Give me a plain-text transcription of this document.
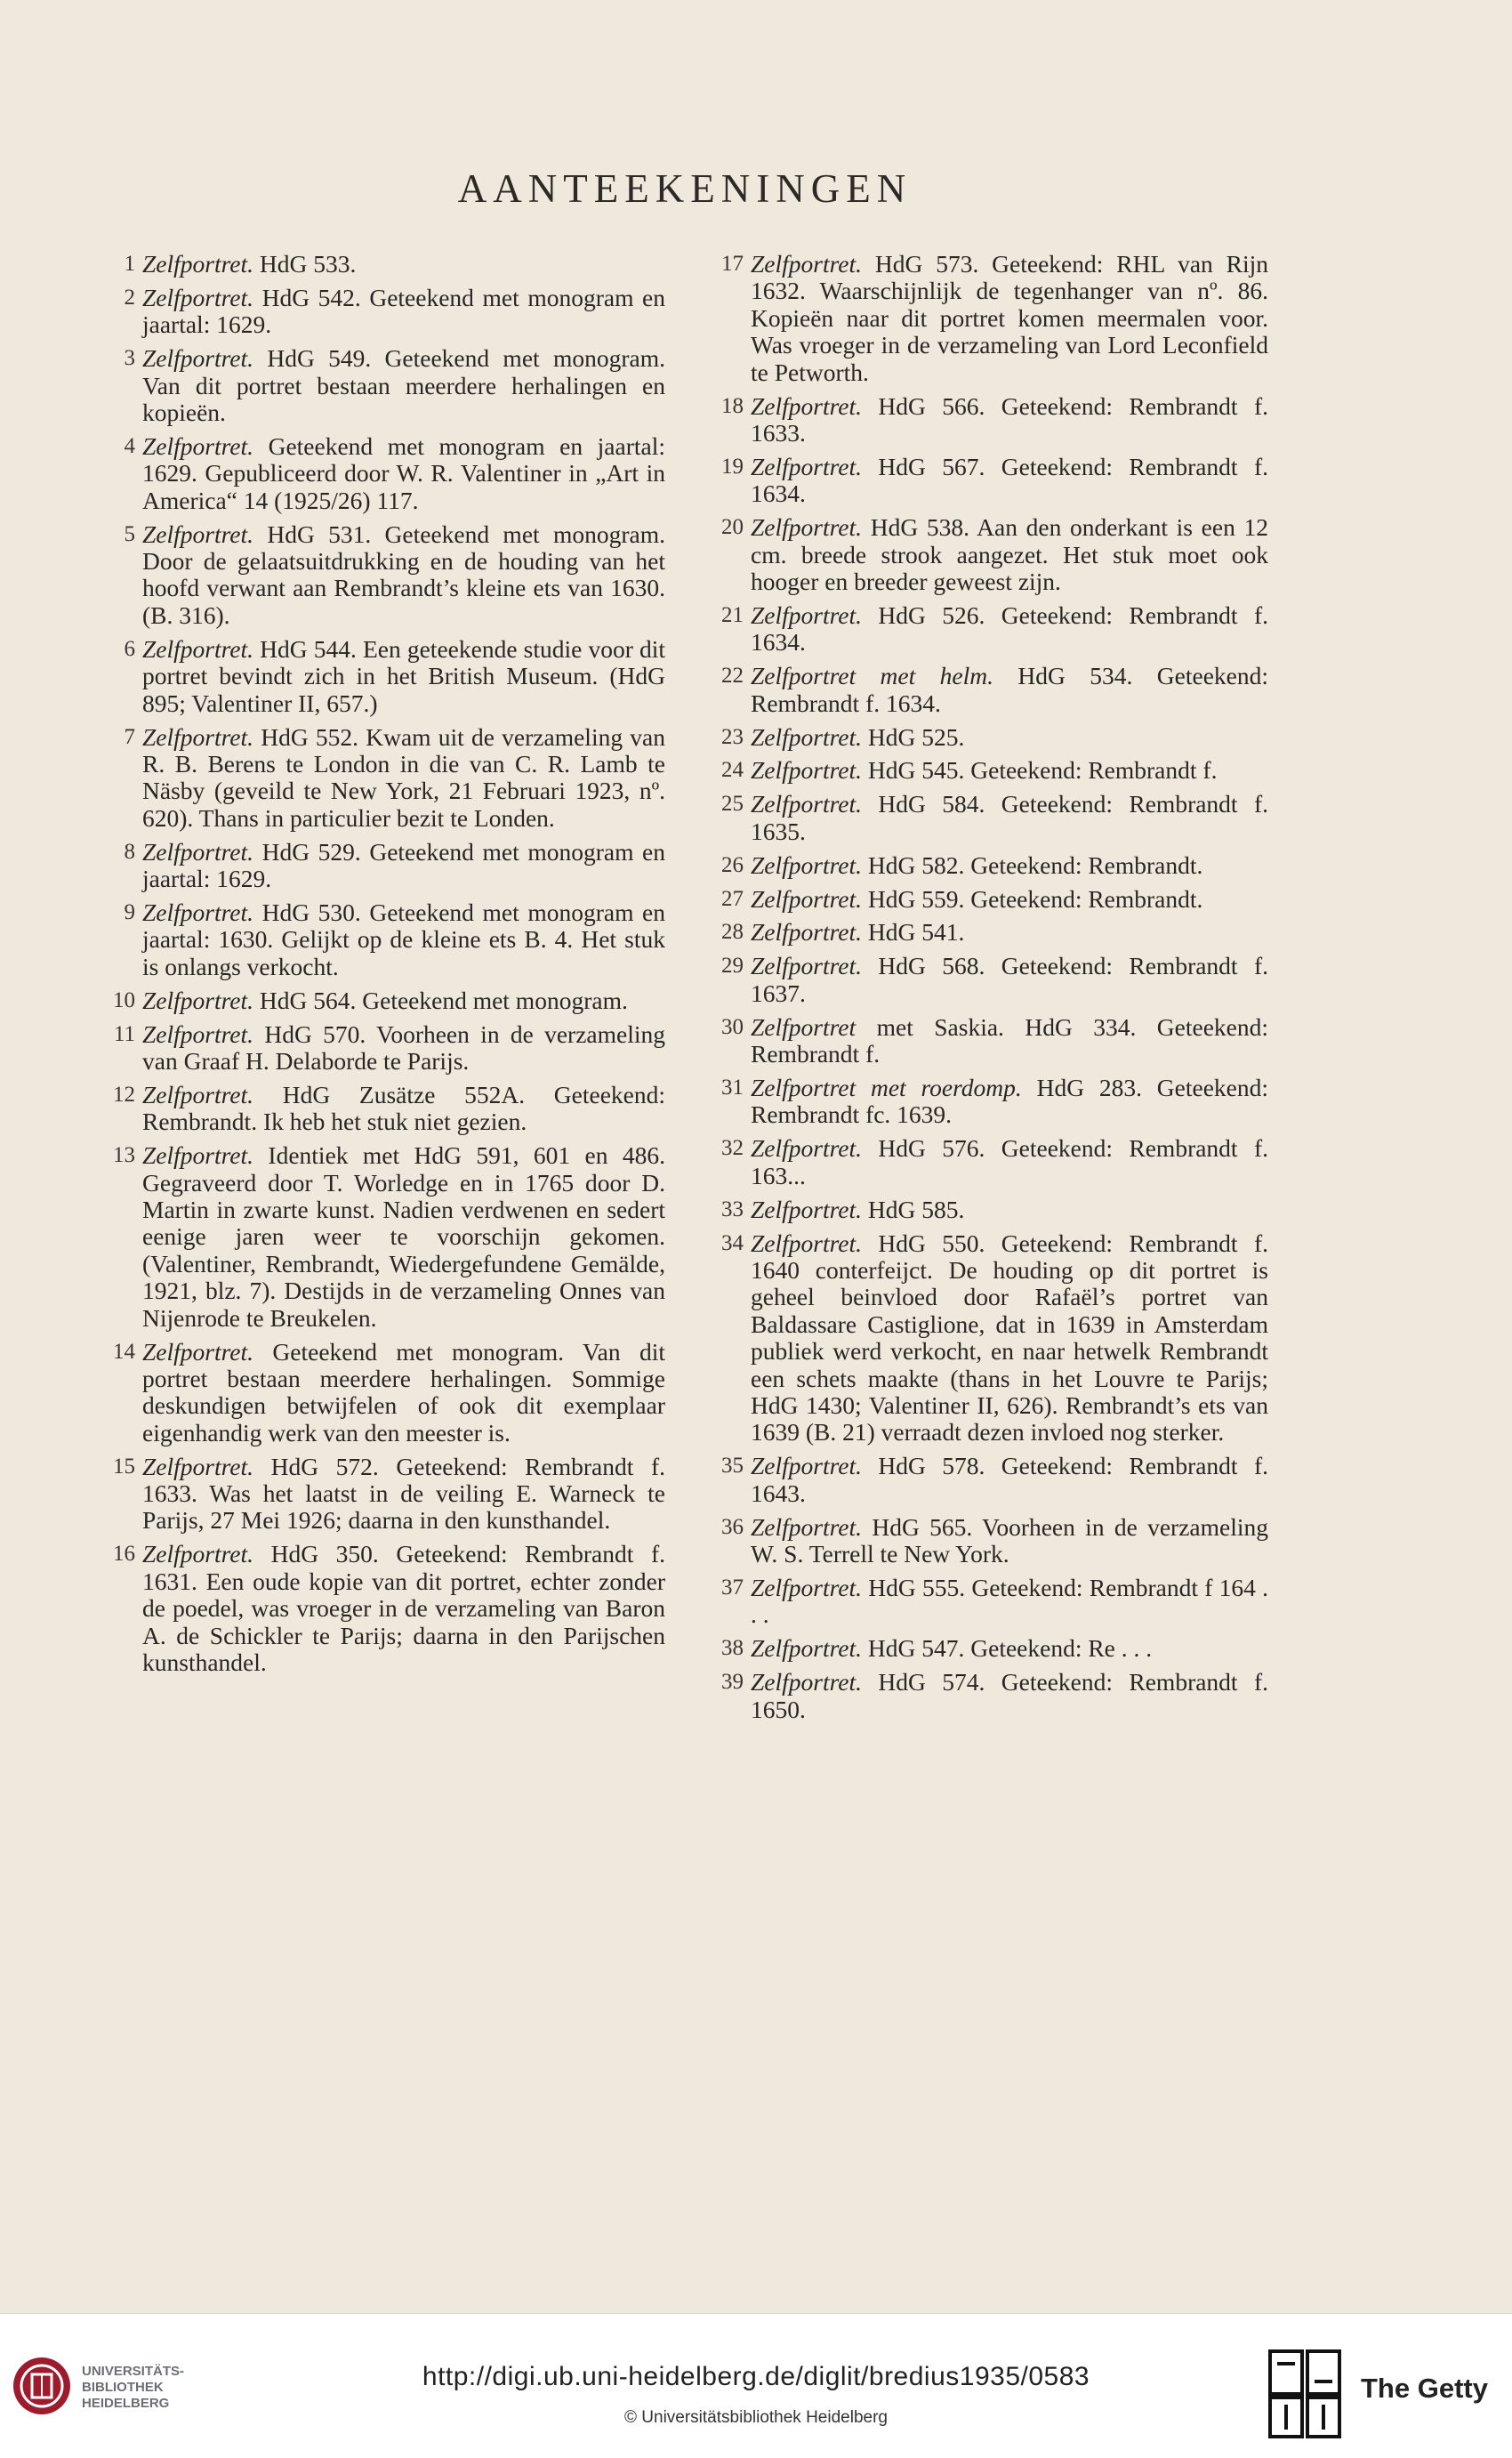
AANTEEKENINGEN
1 Zelfportret. HdG 533.
2 Zelfportret. HdG 542. Geteekend met monogram en jaartal: 1629.
3 Zelfportret. HdG 549. Geteekend met monogram. Van dit portret bestaan meerdere herhalingen en kopieën.
4 Zelfportret. Geteekend met monogram en jaartal: 1629. Gepubliceerd door W. R. Valentiner in „Art in America“ 14 (1925/26) 117.
5 Zelfportret. HdG 531. Geteekend met monogram. Door de gelaatsuitdrukking en de houding van het hoofd verwant aan Rembrandt’s kleine ets van 1630. (B. 316).
6 Zelfportret. HdG 544. Een geteekende studie voor dit portret bevindt zich in het British Museum. (HdG 895; Valentiner II, 657.)
7 Zelfportret. HdG 552. Kwam uit de verzameling van R. B. Berens te London in die van C. R. Lamb te Näsby (geveild te New York, 21 Februari 1923, nº. 620). Thans in particulier bezit te Londen.
8 Zelfportret. HdG 529. Geteekend met monogram en jaartal: 1629.
9 Zelfportret. HdG 530. Geteekend met monogram en jaartal: 1630. Gelijkt op de kleine ets B. 4. Het stuk is onlangs verkocht.
10 Zelfportret. HdG 564. Geteekend met monogram.
11 Zelfportret. HdG 570. Voorheen in de verzameling van Graaf H. Delaborde te Parijs.
12 Zelfportret. HdG Zusätze 552A. Geteekend: Rembrandt. Ik heb het stuk niet gezien.
13 Zelfportret. Identiek met HdG 591, 601 en 486. Gegraveerd door T. Worledge en in 1765 door D. Martin in zwarte kunst. Nadien verdwenen en sedert eenige jaren weer te voorschijn gekomen. (Valentiner, Rembrandt, Wiedergefundene Gemälde, 1921, blz. 7). Destijds in de verzameling Onnes van Nijenrode te Breukelen.
14 Zelfportret. Geteekend met monogram. Van dit portret bestaan meerdere herhalingen. Sommige deskundigen betwijfelen of ook dit exemplaar eigenhandig werk van den meester is.
15 Zelfportret. HdG 572. Geteekend: Rembrandt f. 1633. Was het laatst in de veiling E. Warneck te Parijs, 27 Mei 1926; daarna in den kunsthandel.
16 Zelfportret. HdG 350. Geteekend: Rembrandt f. 1631. Een oude kopie van dit portret, echter zonder de poedel, was vroeger in de verzameling van Baron A. de Schickler te Parijs; daarna in den Parijschen kunsthandel.
17 Zelfportret. HdG 573. Geteekend: RHL van Rijn 1632. Waarschijnlijk de tegenhanger van nº. 86. Kopieën naar dit portret komen meermalen voor. Was vroeger in de verzameling van Lord Leconfield te Petworth.
18 Zelfportret. HdG 566. Geteekend: Rembrandt f. 1633.
19 Zelfportret. HdG 567. Geteekend: Rembrandt f. 1634.
20 Zelfportret. HdG 538. Aan den onderkant is een 12 cm. breede strook aangezet. Het stuk moet ook hooger en breeder geweest zijn.
21 Zelfportret. HdG 526. Geteekend: Rembrandt f. 1634.
22 Zelfportret met helm. HdG 534. Geteekend: Rembrandt f. 1634.
23 Zelfportret. HdG 525.
24 Zelfportret. HdG 545. Geteekend: Rembrandt f.
25 Zelfportret. HdG 584. Geteekend: Rembrandt f. 1635.
26 Zelfportret. HdG 582. Geteekend: Rembrandt.
27 Zelfportret. HdG 559. Geteekend: Rembrandt.
28 Zelfportret. HdG 541.
29 Zelfportret. HdG 568. Geteekend: Rembrandt f. 1637.
30 Zelfportret met Saskia. HdG 334. Geteekend: Rembrandt f.
31 Zelfportret met roerdomp. HdG 283. Geteekend: Rembrandt fc. 1639.
32 Zelfportret. HdG 576. Geteekend: Rembrandt f. 163...
33 Zelfportret. HdG 585.
34 Zelfportret. HdG 550. Geteekend: Rembrandt f. 1640 conterfeijct. De houding op dit portret is geheel beinvloed door Rafaël’s portret van Baldassare Castiglione, dat in 1639 in Amsterdam publiek werd verkocht, en naar hetwelk Rembrandt een schets maakte (thans in het Louvre te Parijs; HdG 1430; Valentiner II, 626). Rembrandt’s ets van 1639 (B. 21) verraadt dezen invloed nog sterker.
35 Zelfportret. HdG 578. Geteekend: Rembrandt f. 1643.
36 Zelfportret. HdG 565. Voorheen in de verzameling W. S. Terrell te New York.
37 Zelfportret. HdG 555. Geteekend: Rembrandt f 164 . . .
38 Zelfportret. HdG 547. Geteekend: Re . . .
39 Zelfportret. HdG 574. Geteekend: Rembrandt f. 1650.
UNIVERSITÄTS-
BIBLIOTHEK
HEIDELBERG
http://digi.ub.uni-heidelberg.de/diglit/bredius1935/0583
© Universitätsbibliothek Heidelberg
The Getty
